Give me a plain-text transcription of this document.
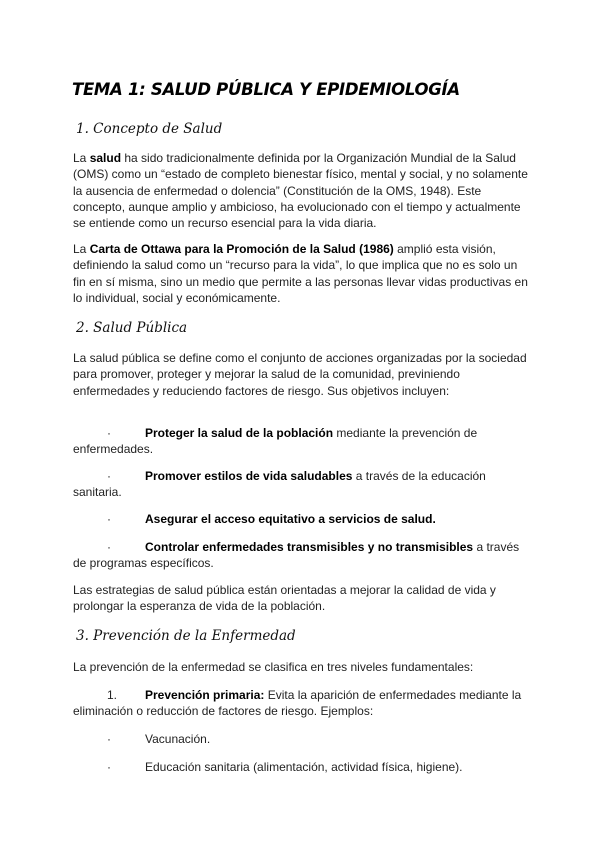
TEMA 1: SALUD PÚBLICA Y EPIDEMIOLOGÍA
1. Concepto de Salud

La salud ha sido tradicionalmente definida por la Organización Mundial de la Salud (OMS) como un “estado de completo bienestar físico, mental y social, y no solamente la ausencia de enfermedad o dolencia” (Constitución de la OMS, 1948). Este concepto, aunque amplio y ambicioso, ha evolucionado con el tiempo y actualmente se entiende como un recurso esencial para la vida diaria.

La Carta de Ottawa para la Promoción de la Salud (1986) amplió esta visión, definiendo la salud como un “recurso para la vida”, lo que implica que no es solo un fin en sí misma, sino un medio que permite a las personas llevar vidas productivas en lo individual, social y económicamente.

2. Salud Pública

La salud pública se define como el conjunto de acciones organizadas por la sociedad para promover, proteger y mejorar la salud de la comunidad, previniendo enfermedades y reduciendo factores de riesgo. Sus objetivos incluyen:

·	Proteger la salud de la población mediante la prevención de enfermedades.

·	Promover estilos de vida saludables a través de la educación sanitaria.

·	Asegurar el acceso equitativo a servicios de salud.

·	Controlar enfermedades transmisibles y no transmisibles a través de programas específicos.

Las estrategias de salud pública están orientadas a mejorar la calidad de vida y prolongar la esperanza de vida de la población.

3. Prevención de la Enfermedad

La prevención de la enfermedad se clasifica en tres niveles fundamentales:

1. Prevención primaria: Evita la aparición de enfermedades mediante la eliminación o reducción de factores de riesgo. Ejemplos:

·	Vacunación.

·	Educación sanitaria (alimentación, actividad física, higiene).
